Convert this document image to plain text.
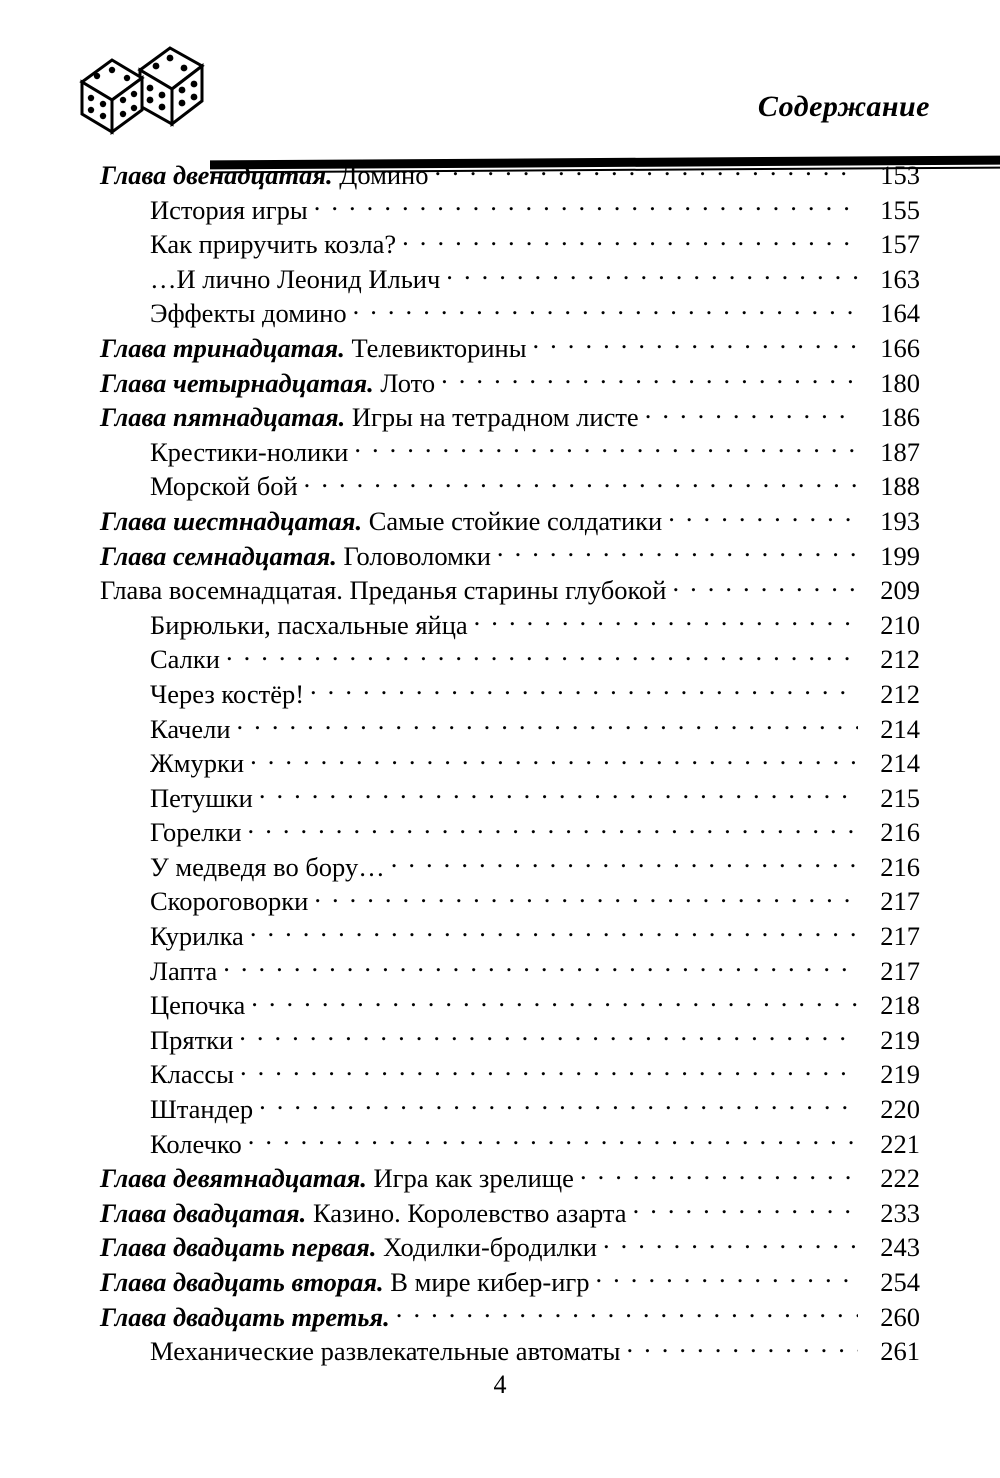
Содержание
Глава двенадцатая. Домино . . .	153
История игры . . .	155
Как приручить козла? . . .	157
…И лично Леонид Ильич . . .	163
Эффекты домино . . .	164
Глава тринадцатая. Телевикторины . . .	166
Глава четырнадцатая. Лото . . .	180
Глава пятнадцатая. Игры на тетрадном листе . . .	186
Крестики-нолики . . .	187
Морской бой . . .	188
Глава шестнадцатая. Самые стойкие солдатики . . .	193
Глава семнадцатая. Головоломки . . .	199
Глава восемнадцатая. Преданья старины глубокой . . .	209
Бирюльки, пасхальные яйца . . .	210
Салки . . .	212
Через костёр! . . .	212
Качели . . .	214
Жмурки . . .	214
Петушки . . .	215
Горелки . . .	216
У медведя во бору… . . .	216
Скороговорки . . .	217
Курилка . . .	217
Лапта . . .	217
Цепочка . . .	218
Прятки . . .	219
Классы . . .	219
Штандер . . .	220
Колечко . . .	221
Глава девятнадцатая. Игра как зрелище . . .	222
Глава двадцатая. Казино. Королевство азарта . . .	233
Глава двадцать первая. Ходилки-бродилки . . .	243
Глава двадцать вторая. В мире кибер-игр . . .	254
Глава двадцать третья. . . .	260
Механические развлекательные автоматы . . .	261
4
